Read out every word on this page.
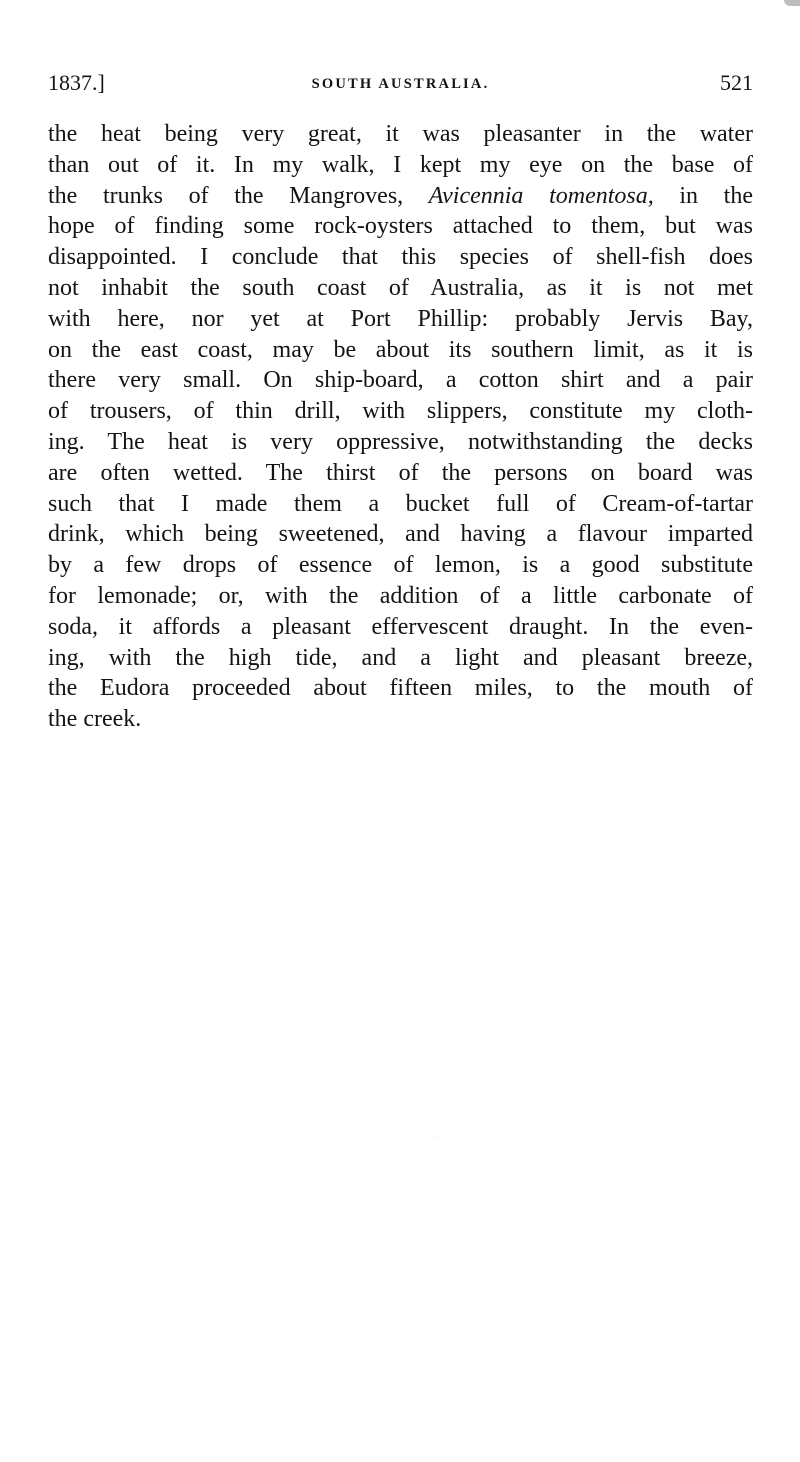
1837.]	SOUTH AUSTRALIA.	521
the heat being very great, it was pleasanter in the water
than out of it. In my walk, I kept my eye on the base of
the trunks of the Mangroves, Avicennia tomentosa, in the
hope of finding some rock-oysters attached to them, but was
disappointed. I conclude that this species of shell-fish does
not inhabit the south coast of Australia, as it is not met
with here, nor yet at Port Phillip: probably Jervis Bay,
on the east coast, may be about its southern limit, as it is
there very small. On ship-board, a cotton shirt and a pair
of trousers, of thin drill, with slippers, constitute my cloth-
ing. The heat is very oppressive, notwithstanding the decks
are often wetted. The thirst of the persons on board was
such that I made them a bucket full of Cream-of-tartar
drink, which being sweetened, and having a flavour imparted
by a few drops of essence of lemon, is a good substitute
for lemonade; or, with the addition of a little carbonate of
soda, it affords a pleasant effervescent draught. In the even-
ing, with the high tide, and a light and pleasant breeze,
the Eudora proceeded about fifteen miles, to the mouth of
the creek.
